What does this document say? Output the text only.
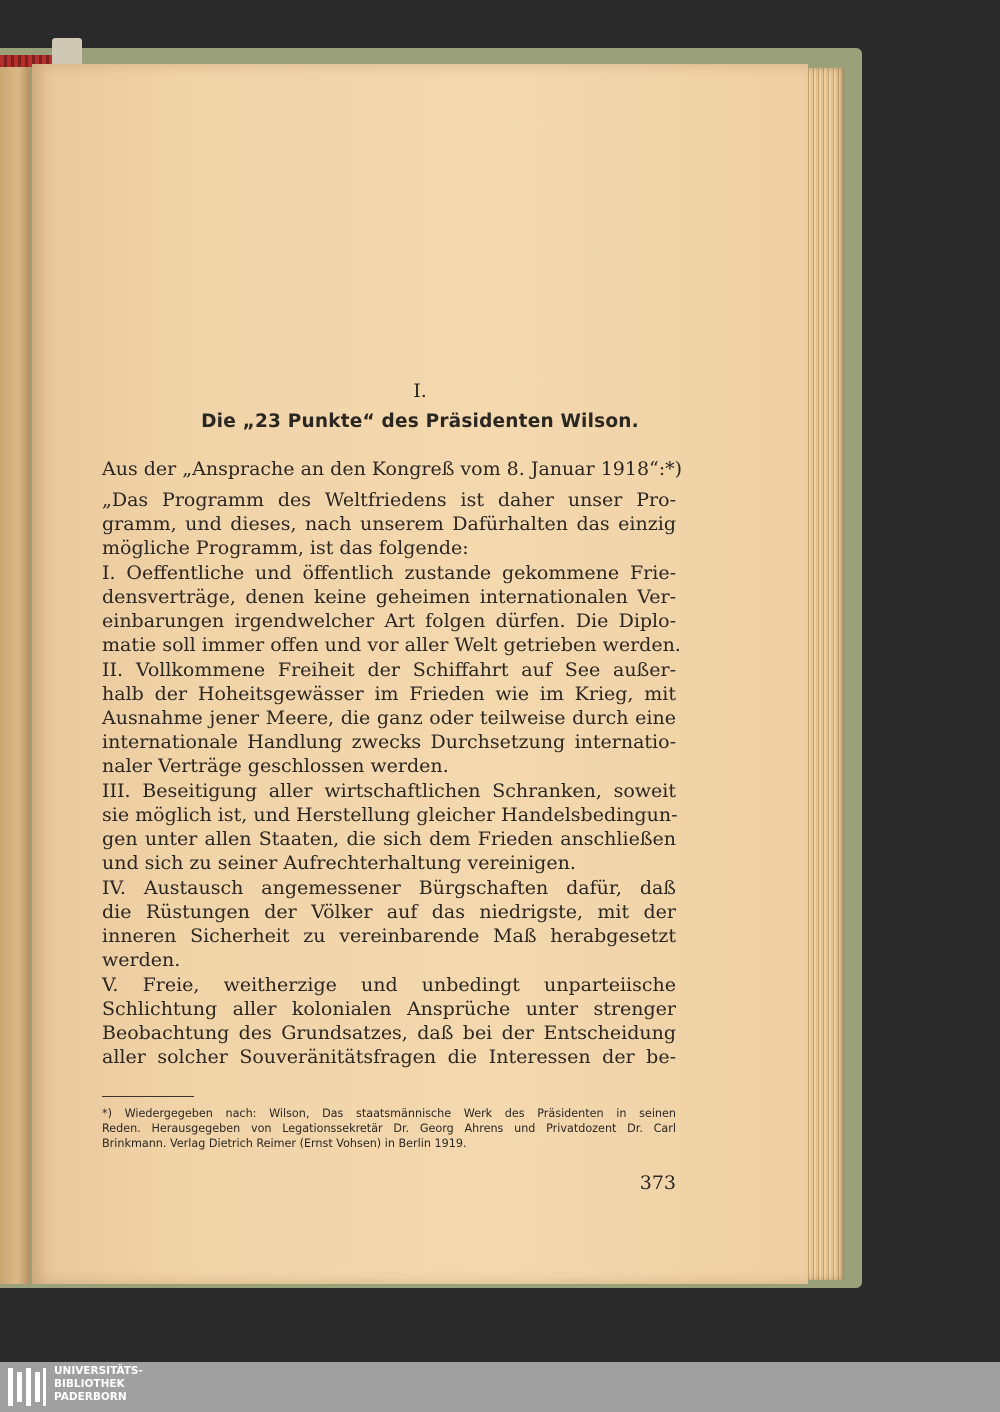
I.
Die „23 Punkte“ des Präsidenten Wilson.
Aus der „Ansprache an den Kongreß vom 8. Januar 1918“:*)
„Das Programm des Weltfriedens ist daher unser Pro-
gramm, und dieses, nach unserem Dafürhalten das einzig
mögliche Programm, ist das folgende:
I. Oeffentliche und öffentlich zustande gekommene Frie-
densverträge, denen keine geheimen internationalen Ver-
einbarungen irgendwelcher Art folgen dürfen. Die Diplo-
matie soll immer offen und vor aller Welt getrieben werden.
II. Vollkommene Freiheit der Schiffahrt auf See außer-
halb der Hoheitsgewässer im Frieden wie im Krieg, mit
Ausnahme jener Meere, die ganz oder teilweise durch eine
internationale Handlung zwecks Durchsetzung internatio-
naler Verträge geschlossen werden.
III. Beseitigung aller wirtschaftlichen Schranken, soweit
sie möglich ist, und Herstellung gleicher Handelsbedingun-
gen unter allen Staaten, die sich dem Frieden anschließen
und sich zu seiner Aufrechterhaltung vereinigen.
IV. Austausch angemessener Bürgschaften dafür, daß
die Rüstungen der Völker auf das niedrigste, mit der
inneren Sicherheit zu vereinbarende Maß herabgesetzt
werden.
V. Freie, weitherzige und unbedingt unparteiische
Schlichtung aller kolonialen Ansprüche unter strenger
Beobachtung des Grundsatzes, daß bei der Entscheidung
aller solcher Souveränitätsfragen die Interessen der be-
*) Wiedergegeben nach: Wilson, Das staatsmännische Werk des Präsidenten in seinen
Reden. Herausgegeben von Legationssekretär Dr. Georg Ahrens und Privatdozent Dr. Carl
Brinkmann. Verlag Dietrich Reimer (Ernst Vohsen) in Berlin 1919.
373
UNIVERSITÄTS-
BIBLIOTHEK
PADERBORN
